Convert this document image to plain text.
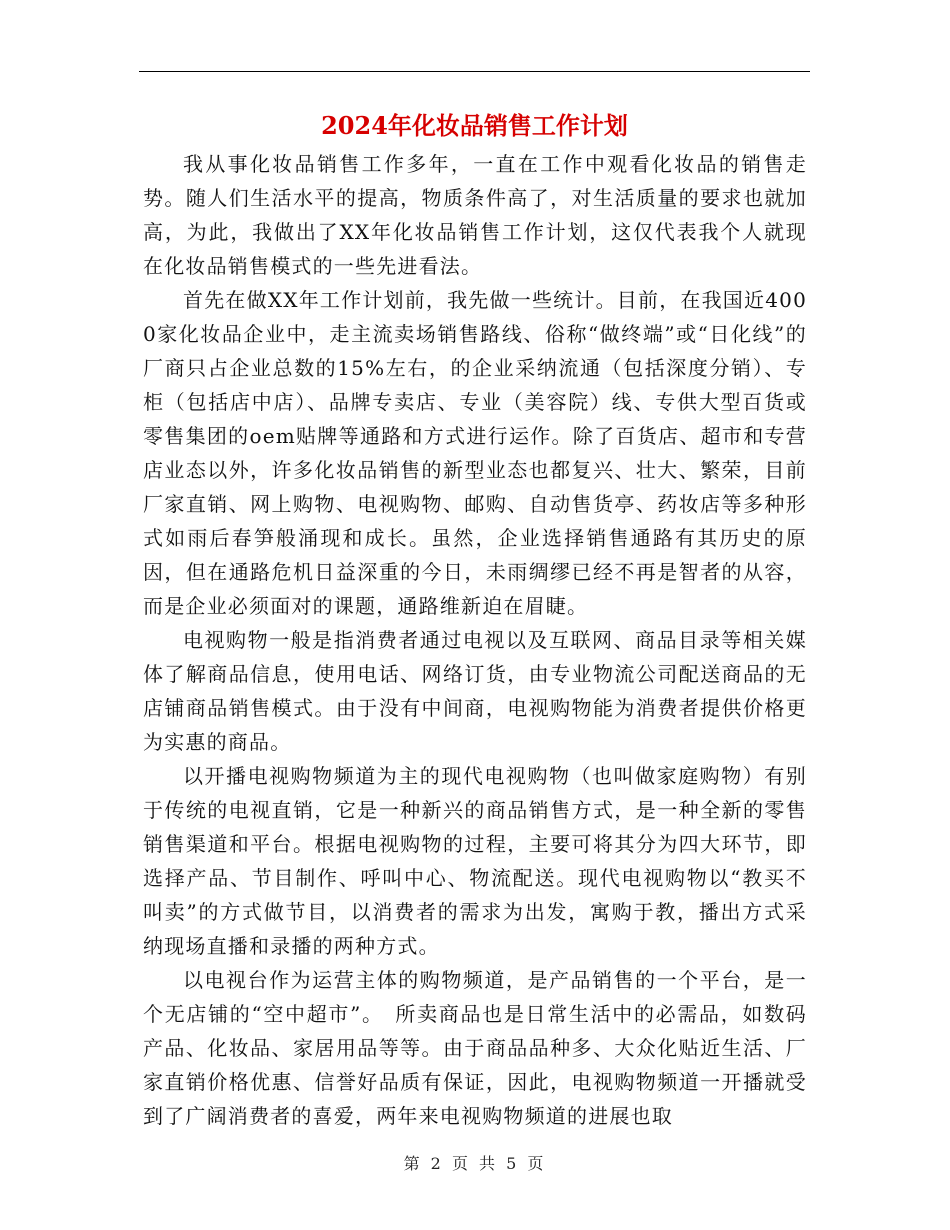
2024年化妆品销售工作计划

我从事化妆品销售工作多年，一直在工作中观看化妆品的销售走势。随人们生活水平的提高，物质条件高了，对生活质量的要求也就加高，为此，我做出了XX年化妆品销售工作计划，这仅代表我个人就现在化妆品销售模式的一些先进看法。

首先在做XX年工作计划前，我先做一些统计。目前，在我国近4000家化妆品企业中，走主流卖场销售路线、俗称“做终端”或“日化线”的厂商只占企业总数的15%左右，的企业采纳流通（包括深度分销）、专柜（包括店中店）、品牌专卖店、专业（美容院）线、专供大型百货或零售集团的oem贴牌等通路和方式进行运作。除了百货店、超市和专营店业态以外，许多化妆品销售的新型业态也都复兴、壮大、繁荣，目前厂家直销、网上购物、电视购物、邮购、自动售货亭、药妆店等多种形式如雨后春笋般涌现和成长。虽然，企业选择销售通路有其历史的原因，但在通路危机日益深重的今日，未雨绸缪已经不再是智者的从容，而是企业必须面对的课题，通路维新迫在眉睫。

电视购物一般是指消费者通过电视以及互联网、商品目录等相关媒体了解商品信息，使用电话、网络订货，由专业物流公司配送商品的无店铺商品销售模式。由于没有中间商，电视购物能为消费者提供价格更为实惠的商品。

以开播电视购物频道为主的现代电视购物（也叫做家庭购物）有别于传统的电视直销，它是一种新兴的商品销售方式，是一种全新的零售销售渠道和平台。根据电视购物的过程，主要可将其分为四大环节，即选择产品、节目制作、呼叫中心、物流配送。现代电视购物以“教买不叫卖”的方式做节目，以消费者的需求为出发，寓购于教，播出方式采纳现场直播和录播的两种方式。

以电视台作为运营主体的购物频道，是产品销售的一个平台，是一个无店铺的“空中超市”。　所卖商品也是日常生活中的必需品，如数码产品、化妆品、家居用品等等。由于商品品种多、大众化贴近生活、厂家直销价格优惠、信誉好品质有保证，因此，电视购物频道一开播就受到了广阔消费者的喜爱，两年来电视购物频道的进展也取

第 2 页 共 5 页
